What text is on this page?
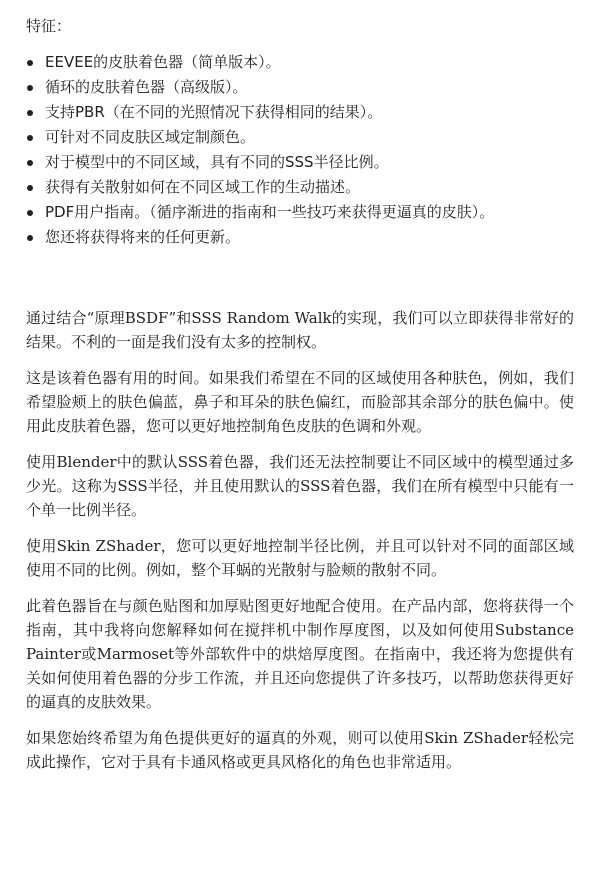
特征：
EEVEE的皮肤着色器（简单版本）。
循环的皮肤着色器（高级版）。
支持PBR（在不同的光照情况下获得相同的结果）。
可针对不同皮肤区域定制颜色。
对于模型中的不同区域，具有不同的SSS半径比例。
获得有关散射如何在不同区域工作的生动描述。
PDF用户指南。（循序渐进的指南和一些技巧来获得更逼真的皮肤）。
您还将获得将来的任何更新。

通过结合“原理BSDF”和SSS Random Walk的实现，我们可以立即获得非常好的结果。不利的一面是我们没有太多的控制权。

这是该着色器有用的时间。如果我们希望在不同的区域使用各种肤色，例如，我们希望脸颊上的肤色偏蓝，鼻子和耳朵的肤色偏红，而脸部其余部分的肤色偏中。使用此皮肤着色器，您可以更好地控制角色皮肤的色调和外观。

使用Blender中的默认SSS着色器，我们还无法控制要让不同区域中的模型通过多少光。这称为SSS半径，并且使用默认的SSS着色器，我们在所有模型中只能有一个单一比例半径。

使用Skin ZShader，您可以更好地控制半径比例，并且可以针对不同的面部区域使用不同的比例。例如，整个耳蜗的光散射与脸颊的散射不同。

此着色器旨在与颜色贴图和加厚贴图更好地配合使用。在产品内部，您将获得一个指南，其中我将向您解释如何在搅拌机中制作厚度图，以及如何使用Substance Painter或Marmoset等外部软件中的烘焙厚度图。在指南中，我还将为您提供有关如何使用着色器的分步工作流，并且还向您提供了许多技巧，以帮助您获得更好的逼真的皮肤效果。

如果您始终希望为角色提供更好的逼真的外观，则可以使用Skin ZShader轻松完成此操作，它对于具有卡通风格或更具风格化的角色也非常适用。
